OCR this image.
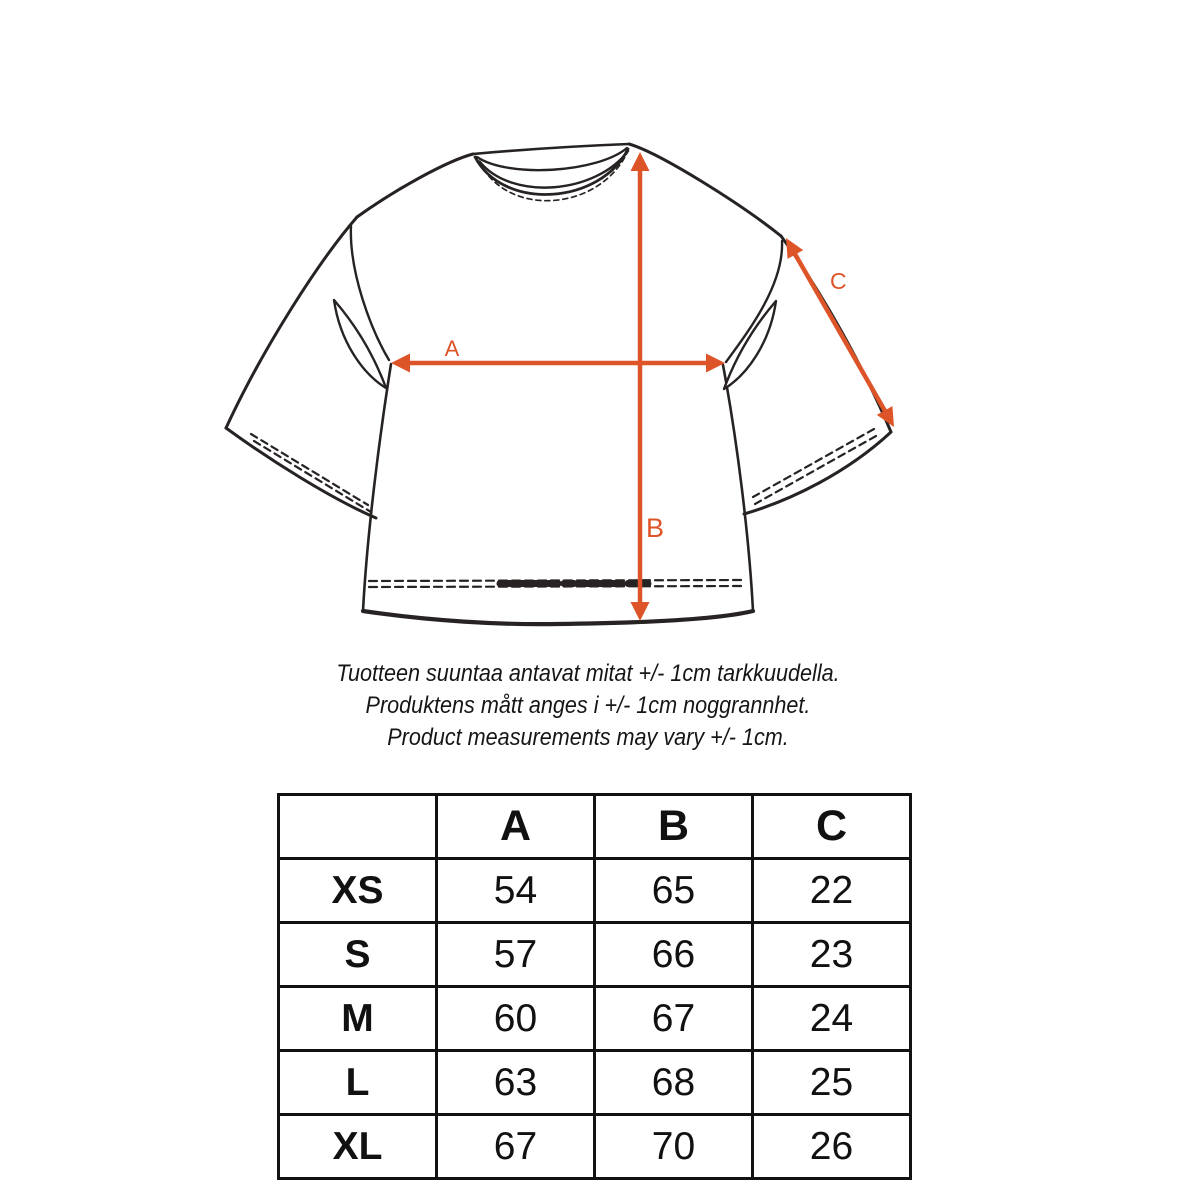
A
B
C
Tuotteen suuntaa antavat mitat +/- 1cm tarkkuudella.
Produktens mått anges i +/- 1cm noggrannhet.
Product measurements may vary +/- 1cm.
	A	B	C
XS	54	65	22
S	57	66	23
M	60	67	24
L	63	68	25
XL	67	70	26
